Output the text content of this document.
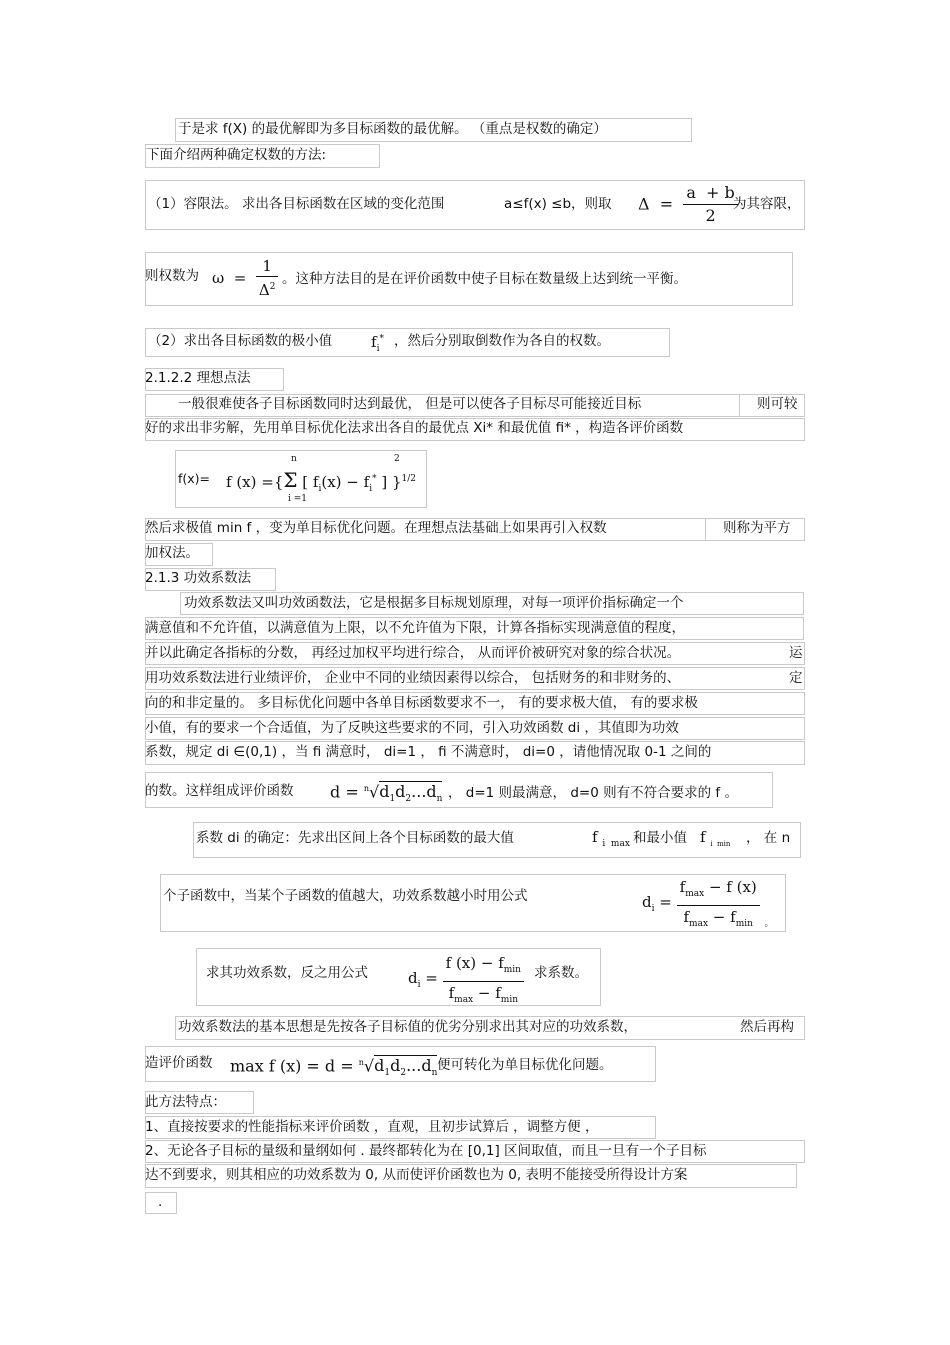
于是求 f(X) 的最优解即为多目标函数的最优解。 （重点是权数的确定）
下面介绍两种确定权数的方法:
（1）容限法。 求出各目标函数在区域的变化范围	a≤f(x) ≤b，则取 $\Delta = \frac{a + b}{2}$
为其容限，
则权数为 $\omega = \frac{1}{\Delta^2}$ 。这种方法目的是在评价函数中使子目标在数量级上达到统一平衡。
（2）求出各目标函数的极小值	$f_i^*$ ，然后分别取倒数作为各自的权数。
2.1.2.2 理想点法
一般很难使各子目标函数同时达到最优， 但是可以使各子目标尽可能接近目标	则可较
好的求出非劣解，先用单目标优化法求出各自的最优点 Xi* 和最优值 fi* ，构造各评价函数
f(x)=
n	2
f (x) ={Σ [ $f_i(x) - f_i^*$ ] }$^{1/2}$
i =1
然后求极值 min f ，变为单目标优化问题。在理想点法基础上如果再引入权数	则称为平方
加权法。
2.1.3 功效系数法
功效系数法又叫功效函数法，它是根据多目标规划原理，对每一项评价指标确定一个
满意值和不允许值，以满意值为上限，以不允许值为下限，计算各指标实现满意值的程度，
并以此确定各指标的分数， 再经过加权平均进行综合， 从而评价被研究对象的综合状况。	运
用功效系数法进行业绩评价， 企业中不同的业绩因素得以综合， 包括财务的和非财务的、	定
向的和非定量的。 多目标优化问题中各单目标函数要求不一， 有的要求极大值， 有的要求极
小值，有的要求一个合适值，为了反映这些要求的不同，引入功效函数 di ，其值即为功效
系数，规定 di ∈(0,1) ，当 fi 满意时， di=1 ， fi 不满意时， di=0 ，请他情况取 0-1 之间的
的数。这样组成评价函数 $d = ^n√d_1d_2...d_n$ ， d=1 则最满意， d=0 则有不符合要求的 f 。
系数 di 的确定：先求出区间上各个目标函数的最大值	f $_{i max}$ 和最小值 f $_{i min}$ ， 在 n
个子函数中，当某个子函数的值越大，功效系数越小时用公式	$d_i = \frac{f_{max} - f (x)}{f_{max} - f_{min}}$ 。
求其功效系数，反之用公式	$d_i = \frac{f (x) - f_{min}}{f_{max} - f_{min}}$ 求系数。
功效系数法的基本思想是先按各子目标值的优劣分别求出其对应的功效系数，	然后再构
造评价函数 max f $(x) = d = ^n√d_1d_2...d_n$
便可转化为单目标优化问题。
此方法特点：
1、直接按要求的性能指标来评价函数 ，直观，且初步试算后 ，调整方便 ，
2、无论各子目标的量级和量纲如何 . 最终都转化为在 [0,1] 区间取值，而且一旦有一个子目标
达不到要求，则其相应的功效系数为 0, 从而使评价函数也为 0, 表明不能接受所得设计方案
.
